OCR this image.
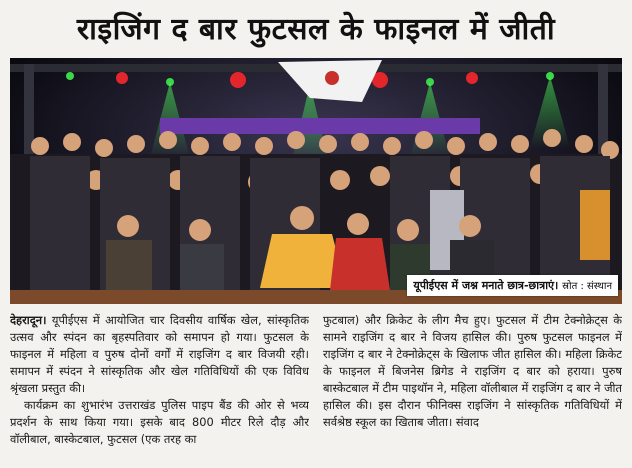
राइजिंग द बार फुटसल के फाइनल में जीती
यूपीईएस में जश्न मनाते छात्र-छात्राएं। स्रोत : संस्थान

देहरादून। यूपीईएस में आयोजित चार दिवसीय वार्षिक खेल, सांस्कृतिक उत्सव और स्पंदन का बृहस्पतिवार को समापन हो गया। फुटसल के फाइनल में महिला व पुरुष दोनों वर्गों में राइजिंग द बार विजयी रही। समापन में स्पंदन ने सांस्कृतिक और खेल गतिविधियों की एक विविध श्रृंखला प्रस्तुत की।

कार्यक्रम का शुभारंभ उत्तराखंड पुलिस पाइप बैंड की ओर से भव्य प्रदर्शन के साथ किया गया। इसके बाद 800 मीटर रिले दौड़ और वॉलीबाल, बास्केटबाल, फुटसल (एक तरह का

फुटबाल) और क्रिकेट के लीग मैच हुए। फुटसल में टीम टेक्नोक्रेट्स के सामने राइजिंग द बार ने विजय हासिल की। पुरुष फुटसल फाइनल में राइजिंग द बार ने टेक्नोक्रेट्स के खिलाफ जीत हासिल की। महिला क्रिकेट के फाइनल में बिजनेस ब्रिगेड ने राइजिंग द बार को हराया। पुरुष बास्केटबाल में टीम पाइथॉन ने, महिला वॉलीबाल में राइजिंग द बार ने जीत हासिल की। इस दौरान फीनिक्स राइजिंग ने सांस्कृतिक गतिविधियों में सर्वश्रेष्ठ स्कूल का खिताब जीता। संवाद
